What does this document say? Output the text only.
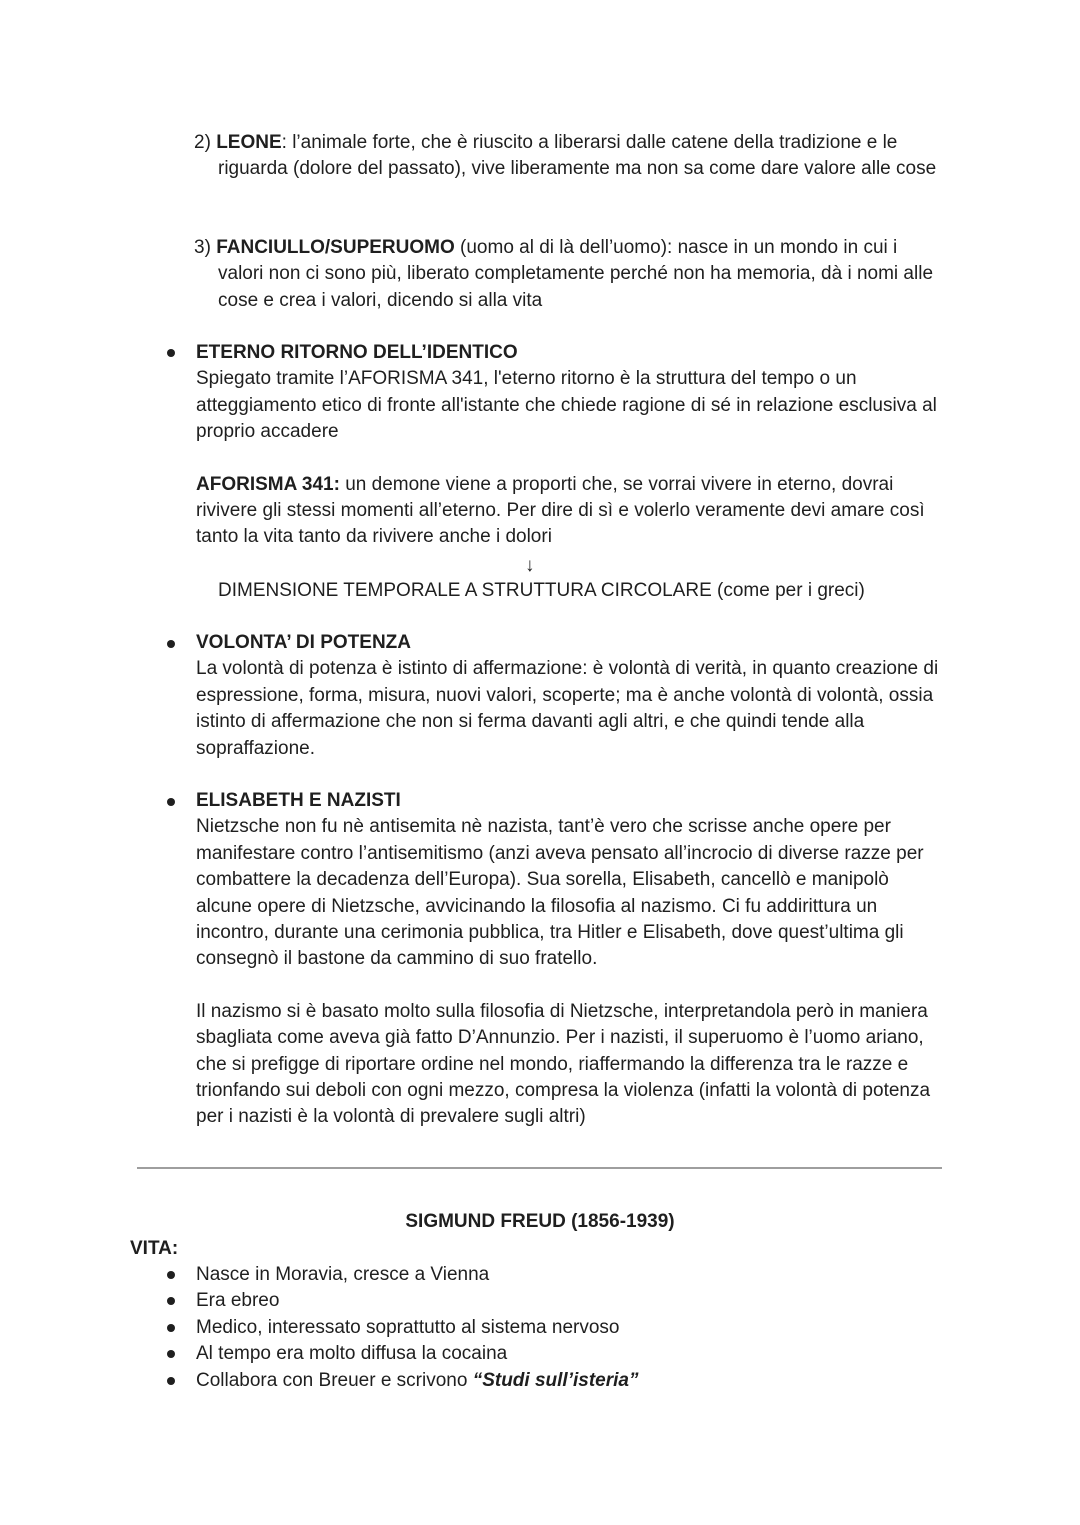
2) LEONE: l’animale forte, che è riuscito a liberarsi dalle catene della tradizione e le
riguarda (dolore del passato), vive liberamente ma non sa come dare valore alle cose
3) FANCIULLO/SUPERUOMO (uomo al di là dell’uomo): nasce in un mondo in cui i
valori non ci sono più, liberato completamente perché non ha memoria, dà i nomi alle cose e crea i valori, dicendo si alla vita

ETERNO RITORNO DELL’IDENTICO

Spiegato tramite l’AFORISMA 341, l'eterno ritorno è la struttura del tempo o un atteggiamento etico di fronte all'istante che chiede ragione di sé in relazione esclusiva al proprio accadere

AFORISMA 341: un demone viene a proporti che, se vorrai vivere in eterno, dovrai rivivere gli stessi momenti all’eterno. Per dire di sì e volerlo veramente devi amare così tanto la vita tanto da rivivere anche i dolori

↓
DIMENSIONE TEMPORALE A STRUTTURA CIRCOLARE (come per i greci)

VOLONTA’ DI POTENZA

La volontà di potenza è istinto di affermazione: è volontà di verità, in quanto creazione di espressione, forma, misura, nuovi valori, scoperte; ma è anche volontà di volontà, ossia istinto di affermazione che non si ferma davanti agli altri, e che quindi tende alla sopraffazione.

ELISABETH E NAZISTI

Nietzsche non fu nè antisemita nè nazista, tant’è vero che scrisse anche opere per manifestare contro l’antisemitismo (anzi aveva pensato all’incrocio di diverse razze per combattere la decadenza dell’Europa). Sua sorella, Elisabeth, cancellò e manipolò alcune opere di Nietzsche, avvicinando la filosofia al nazismo. Ci fu addirittura un incontro, durante una cerimonia pubblica, tra Hitler e Elisabeth, dove quest’ultima gli consegnò il bastone da cammino di suo fratello.

Il nazismo si è basato molto sulla filosofia di Nietzsche, interpretandola però in maniera sbagliata come aveva già fatto D’Annunzio. Per i nazisti, il superuomo è l’uomo ariano, che si prefigge di riportare ordine nel mondo, riaffermando la differenza tra le razze e trionfando sui deboli con ogni mezzo, compresa la violenza (infatti la volontà di potenza per i nazisti è la volontà di prevalere sugli altri)

SIGMUND FREUD (1856-1939)
VITA:
Nasce in Moravia, cresce a Vienna
Era ebreo
Medico, interessato soprattutto al sistema nervoso
Al tempo era molto diffusa la cocaina
Collabora con Breuer e scrivono “Studi sull’isteria”
